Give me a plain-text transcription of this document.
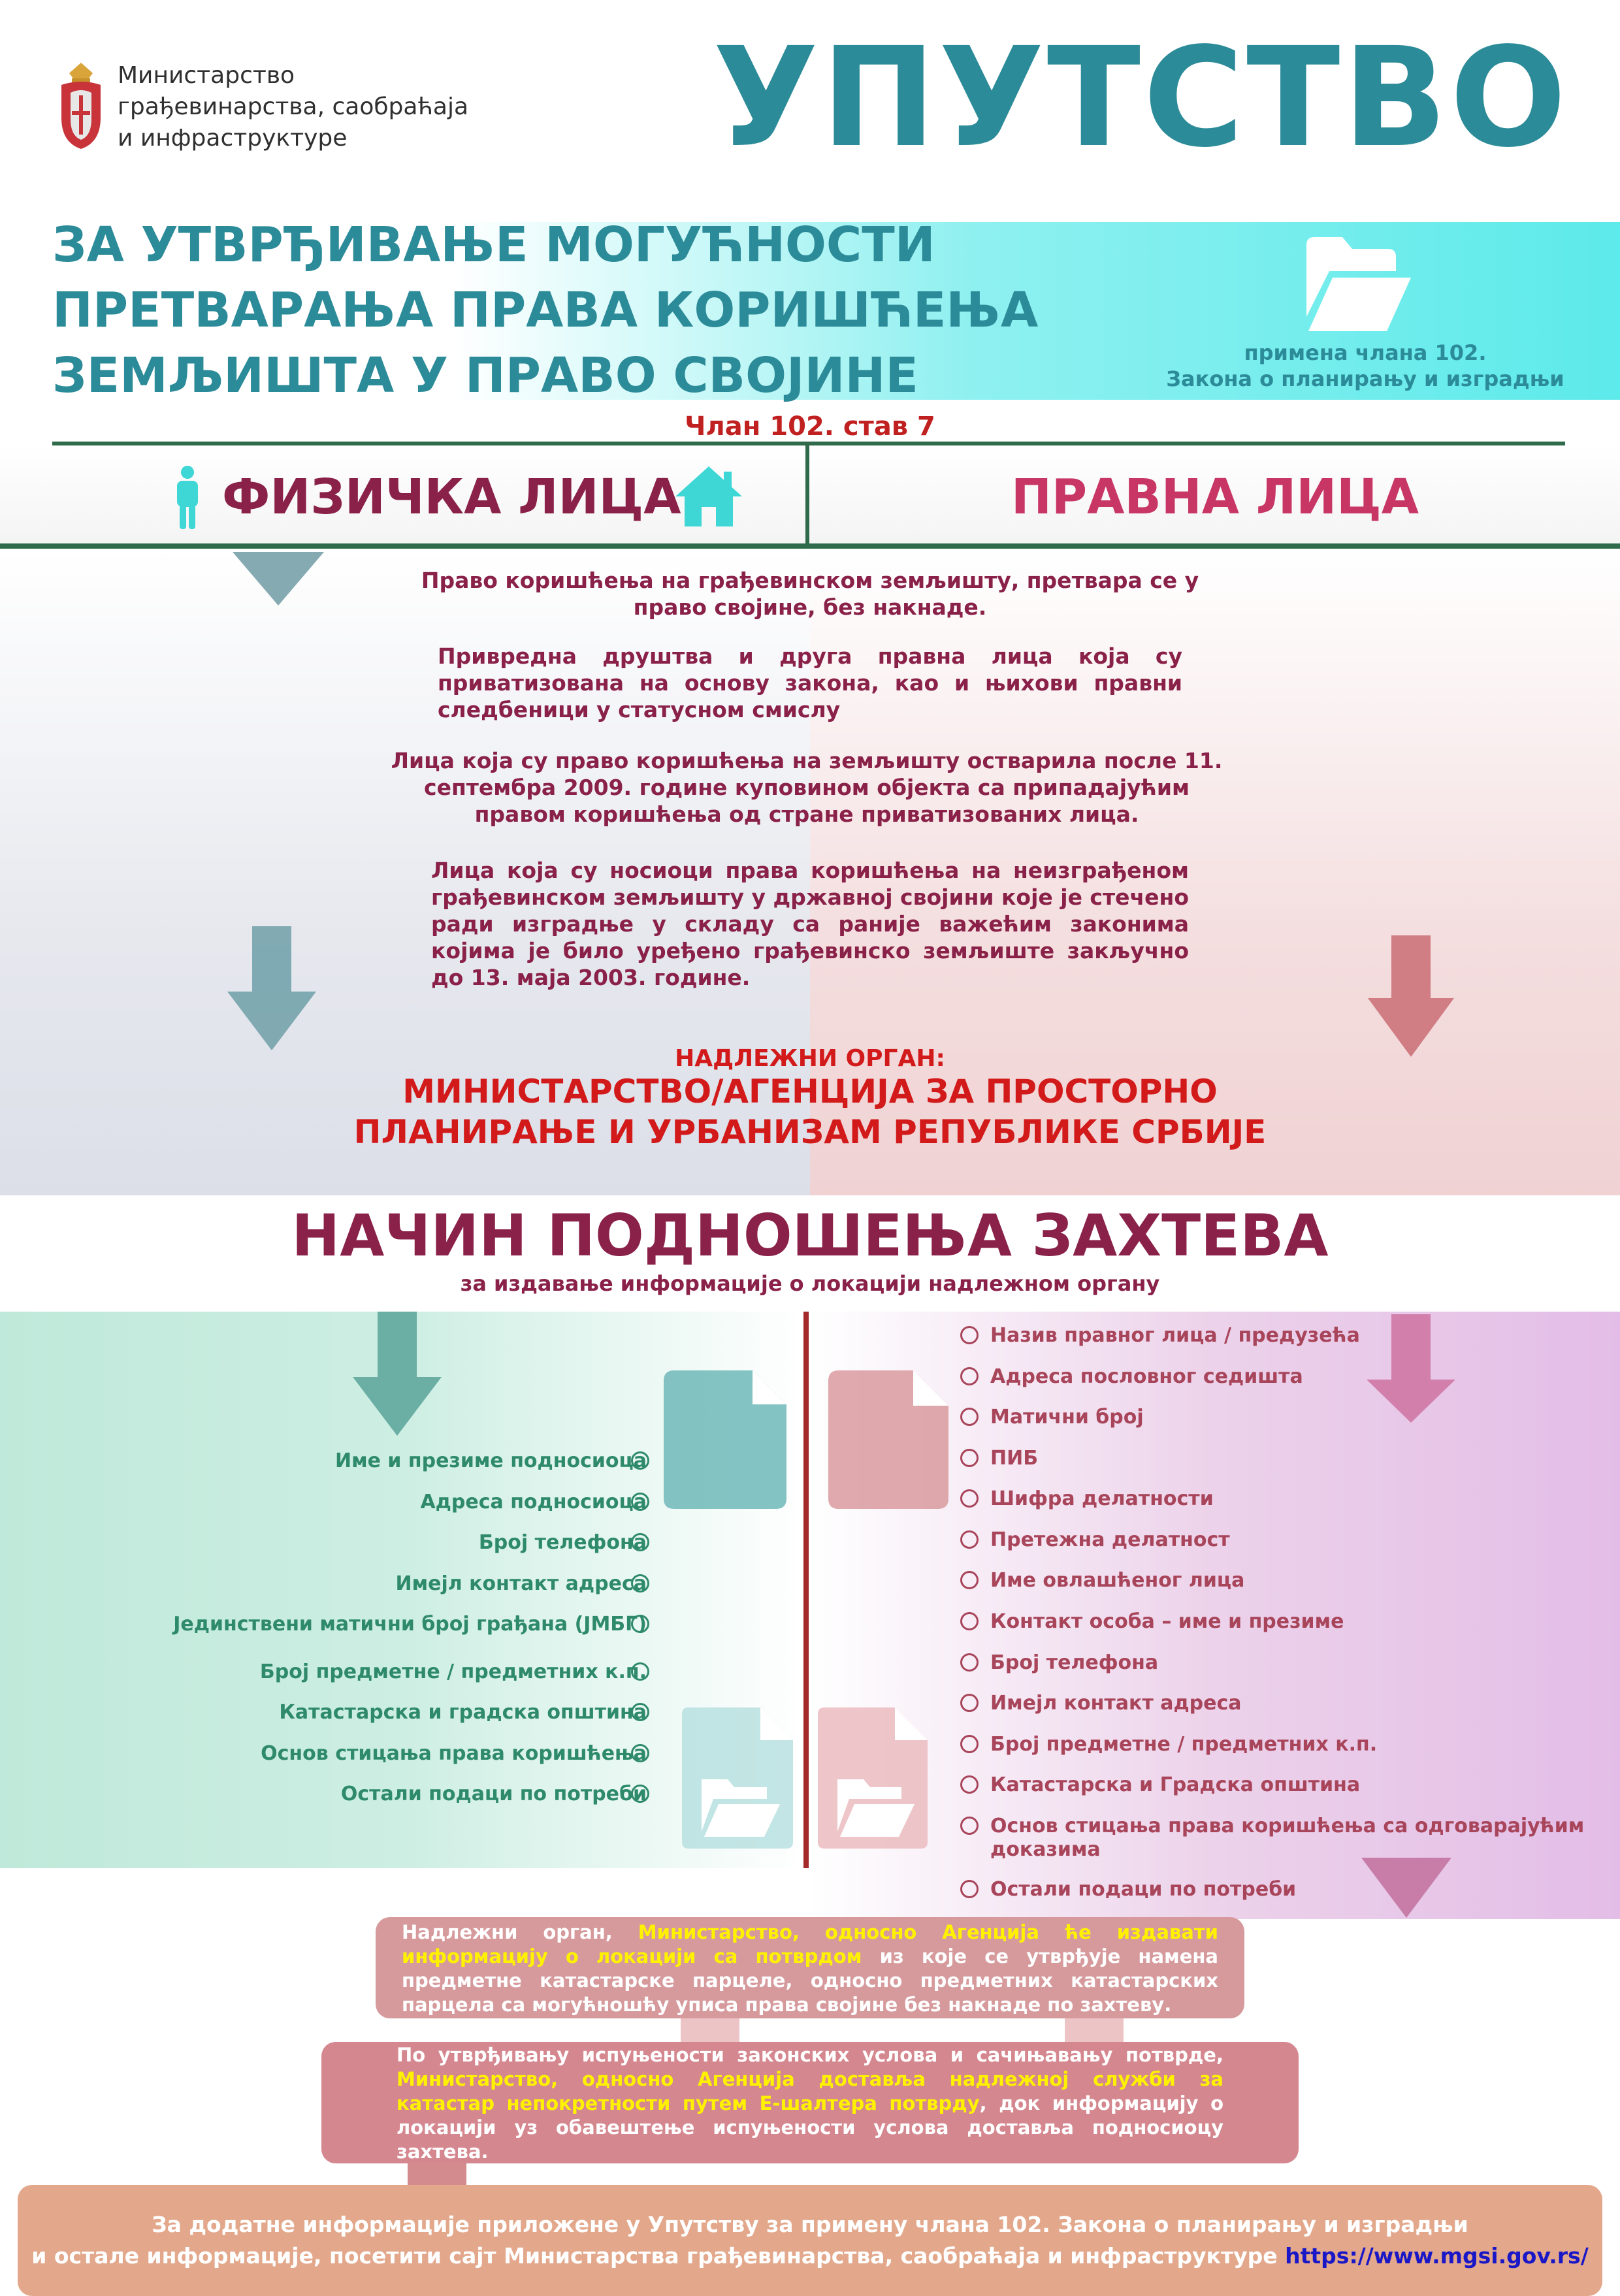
Министарство
грађевинарства, саобраћаја
и инфраструктуре	УПУТСТВО
ЗА УТВРЂИВАЊЕ МОГУЋНОСТИ
ПРЕТВАРАЊА ПРАВА КОРИШЋЕЊА
ЗЕМЉИШТА У ПРАВО СВОЈИНЕ	примена члана 102.
Закона о планирању и изградњи
Члан 102. став 7
ФИЗИЧКА ЛИЦА	ПРАВНА ЛИЦА
Право коришћења на грађевинском земљишту, претвара се у право својине, без накнаде.
Привредна друштва и друга правна лица која су приватизована на основу закона, као и њихови правни следбеници у статусном смислу
Лица која су право коришћења на земљишту остварила после 11. септембра 2009. године куповином објекта са припадајућим правом коришћења од стране приватизованих лица.
Лица која су носиоци права коришћења на неизграђеном грађевинском земљишту у државној својини које је стечено ради изградње у складу са раније важећим законима којима је било уређено грађевинско земљиште закључно до 13. маја 2003. године.
НАДЛЕЖНИ ОРГАН:
МИНИСТАРСТВО/АГЕНЦИЈА ЗА ПРОСТОРНО
ПЛАНИРАЊЕ И УРБАНИЗАМ РЕПУБЛИКЕ СРБИЈЕ
НАЧИН ПОДНОШЕЊА ЗАХТЕВА
за издавање информације о локацији надлежном органу
Име и презиме подносиоца
Адреса подносиоца
Број телефона
Имејл контакт адреса
Јединствени матични број грађана (ЈМБГ)
Број предметне / предметних к.п.
Катастарска и градска општина
Основ стицања права коришћења
Остали подаци по потреби
Назив правног лица / предузећа
Адреса пословног седишта
Матични број
ПИБ
Шифра делатности
Претежна делатност
Име овлашћеног лица
Контакт особа – име и презиме
Број телефона
Имејл контакт адреса
Број предметне / предметних к.п.
Катастарска и Градска општина
Основ стицања права коришћења са одговарајућим доказима
Остали подаци по потреби
Надлежни орган, Министарство, односно Агенција ће издавати информацију о локацији са потврдом из које се утврђује намена предметне катастарске парцеле, односно предметних катастарских парцела са могућношћу уписа права својине без накнаде по захтеву.
По утврђивању испуњености законских услова и сачињавању потврде, Министарство, односно Агенција доставља надлежној служби за катастар непокретности путем Е-шалтера потврду, док информацију о локацији уз обавештење испуњености услова доставља подносиоцу захтева.
За додатне информације приложене у Упутству за примену члана 102. Закона о планирању и изградњи
и остале информације, посетити сајт Министарства грађевинарства, саобраћаја и инфраструктуре https://www.mgsi.gov.rs/
